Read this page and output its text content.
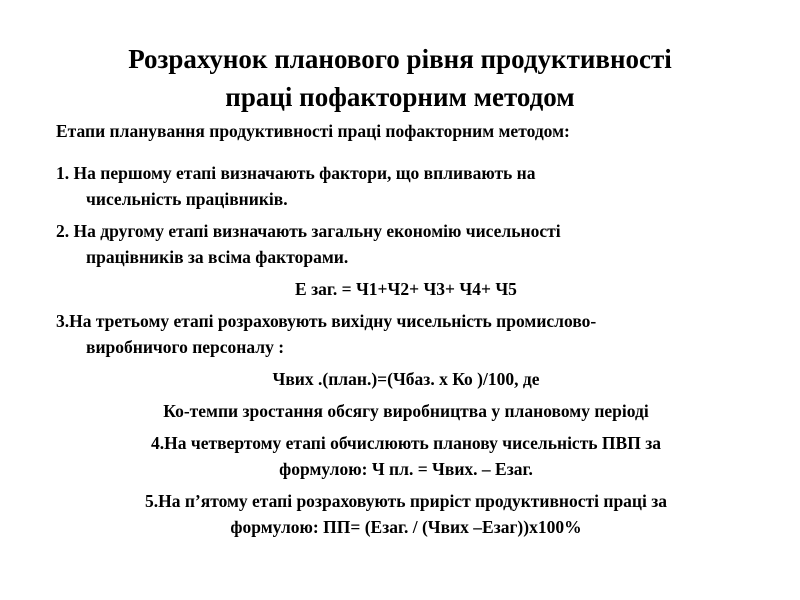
Розрахунок планового рівня продуктивності
праці пофакторним методом
Етапи планування продуктивності праці пофакторним методом:
1. На першому етапі визначають фактори, що впливають на
чисельність працівників.
2. На другому етапі визначають загальну економію чисельності
працівників за всіма факторами.
Е заг. = Ч1+Ч2+ Ч3+ Ч4+ Ч5
3.На третьому етапі розраховують вихідну чисельність промислово-
виробничого персоналу :
Чвих .(план.)=(Чбаз. х Ко )/100, де
Ко-темпи зростання обсягу виробництва у плановому періоді
4.На четвертому етапі обчислюють планову чисельність ПВП за
формулою: Ч пл. = Чвих. – Езаг.
5.На п’ятому етапі розраховують приріст продуктивності праці за
формулою: ПП= (Езаг. / (Чвих –Езаг))х100%
